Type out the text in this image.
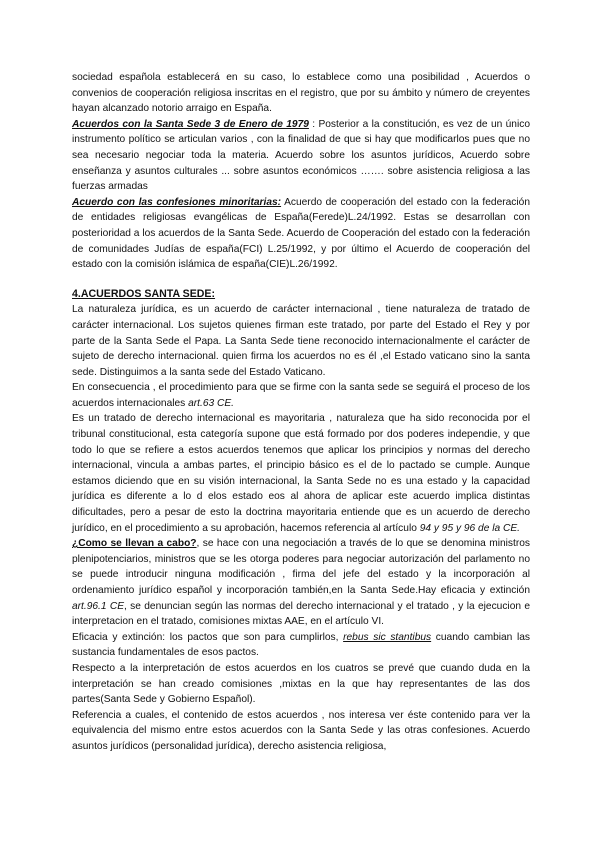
sociedad española establecerá en su caso, lo establece como una posibilidad , Acuerdos o convenios de cooperación religiosa inscritas en el registro, que por su ámbito y número de creyentes hayan alcanzado notorio arraigo en España.

Acuerdos con la Santa Sede 3 de Enero de 1979 : Posterior a la constitución, es vez de un único instrumento político se articulan varios , con la finalidad de que si hay que modificarlos pues que no sea necesario negociar toda la materia. Acuerdo sobre los asuntos jurídicos, Acuerdo sobre enseñanza y asuntos culturales ... sobre asuntos económicos ……. sobre asistencia religiosa a las fuerzas armadas

Acuerdo con las confesiones minoritarias: Acuerdo de cooperación del estado con la federación de entidades religiosas evangélicas de España(Ferede)L.24/1992. Estas se desarrollan con posterioridad a los acuerdos de la Santa Sede. Acuerdo de Cooperación del estado con la federación de comunidades Judías de españa(FCI) L.25/1992, y por último el Acuerdo de cooperación del estado con la comisión islámica de españa(CIE)L.26/1992.

4.ACUERDOS SANTA SEDE:

La naturaleza jurídica, es un acuerdo de carácter internacional , tiene naturaleza de tratado de carácter internacional. Los sujetos quienes firman este tratado, por parte del Estado el Rey y por parte de la Santa Sede el Papa. La Santa Sede tiene reconocido internacionalmente el carácter de sujeto de derecho internacional. quien firma los acuerdos no es él ,el Estado vaticano sino la santa sede. Distinguimos a la santa sede del Estado Vaticano.

En consecuencia , el procedimiento para que se firme con la santa sede se seguirá el proceso de los acuerdos internacionales art.63 CE.

Es un tratado de derecho internacional es mayoritaria , naturaleza que ha sido reconocida por el tribunal constitucional, esta categoría supone que está formado por dos poderes independie, y que todo lo que se refiere a estos acuerdos tenemos que aplicar los principios y normas del derecho internacional, vincula a ambas partes, el principio básico es el de lo pactado se cumple. Aunque estamos diciendo que en su visión internacional, la Santa Sede no es una estado y la capacidad jurídica es diferente a lo d elos estado eos al ahora de aplicar este acuerdo implica distintas dificultades, pero a pesar de esto la doctrina mayoritaria entiende que es un acuerdo de derecho jurídico, en el procedimiento a su aprobación, hacemos referencia al artículo 94 y 95 y 96 de la CE.

¿Como se llevan a cabo?, se hace con una negociación a través de lo que se denomina ministros plenipotenciarios, ministros que se les otorga poderes para negociar autorización del parlamento no se puede introducir ninguna modificación , firma del jefe del estado y la incorporación al ordenamiento jurídico español y incorporación también,en la Santa Sede.Hay eficacia y extinción art.96.1 CE, se denuncian según las normas del derecho internacional y el tratado , y la ejecucion e interpretacion en el tratado, comisiones mixtas AAE, en el artículo VI.

Eficacia y extinción: los pactos que son para cumplirlos, rebus sic stantibus cuando cambian las sustancia fundamentales de esos pactos.

Respecto a la interpretación de estos acuerdos en los cuatros se prevé que cuando duda en la interpretación se han creado comisiones ,mixtas en la que hay representantes de las dos partes(Santa Sede y Gobierno Español).

Referencia a cuales, el contenido de estos acuerdos , nos interesa ver éste contenido para ver la equivalencia del mismo entre estos acuerdos con la Santa Sede y las otras confesiones. Acuerdo asuntos jurídicos (personalidad jurídica), derecho asistencia religiosa,
